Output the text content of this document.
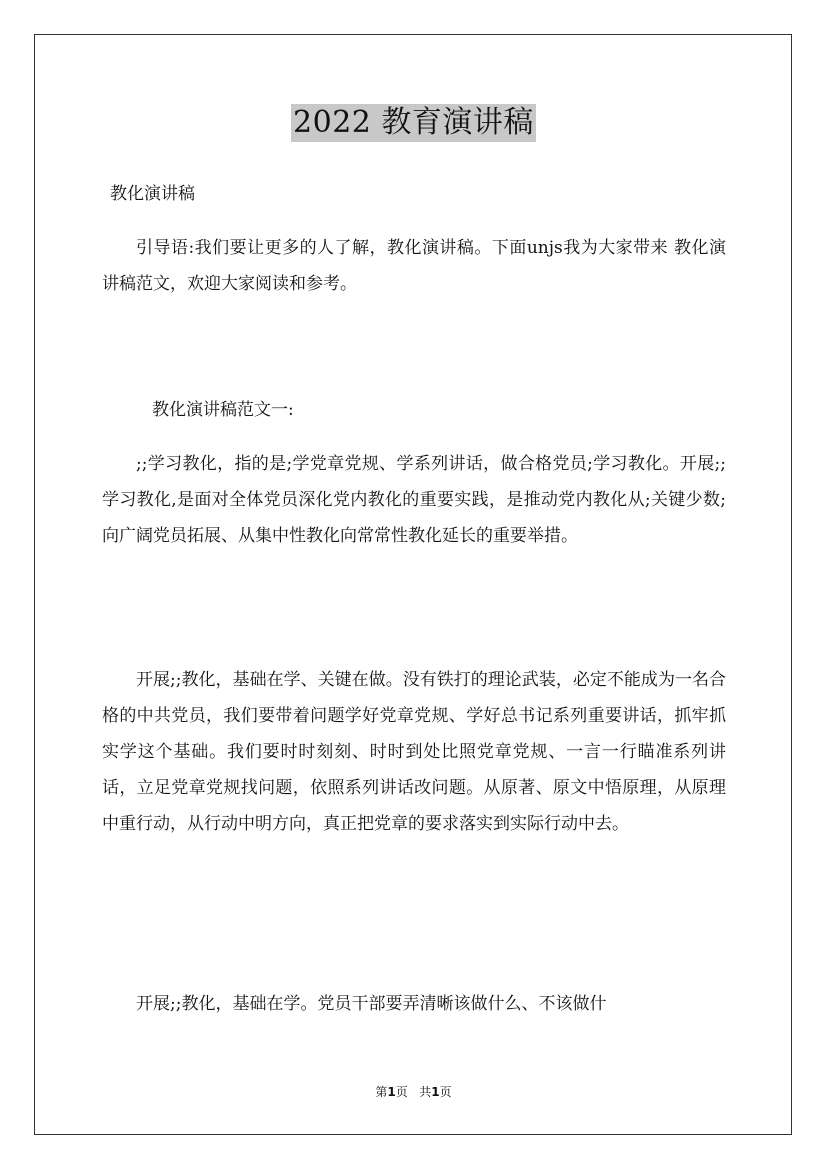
2022 教育演讲稿
教化演讲稿

引导语:我们要让更多的人了解，教化演讲稿。下面unjs我为大家带来 教化演讲稿范文，欢迎大家阅读和参考。

教化演讲稿范文一:

;;学习教化，指的是;学党章党规、学系列讲话，做合格党员;学习教化。开展;;学习教化,是面对全体党员深化党内教化的重要实践，是推动党内教化从;关键少数;向广阔党员拓展、从集中性教化向常常性教化延长的重要举措。

开展;;教化，基础在学、关键在做。没有铁打的理论武装，必定不能成为一名合格的中共党员，我们要带着问题学好党章党规、学好总书记系列重要讲话，抓牢抓实学这个基础。我们要时时刻刻、时时到处比照党章党规、一言一行瞄准系列讲话，立足党章党规找问题，依照系列讲话改问题。从原著、原文中悟原理，从原理中重行动，从行动中明方向，真正把党章的要求落实到实际行动中去。

开展;;教化，基础在学。党员干部要弄清晰该做什么、不该做什

第1页 共1页
